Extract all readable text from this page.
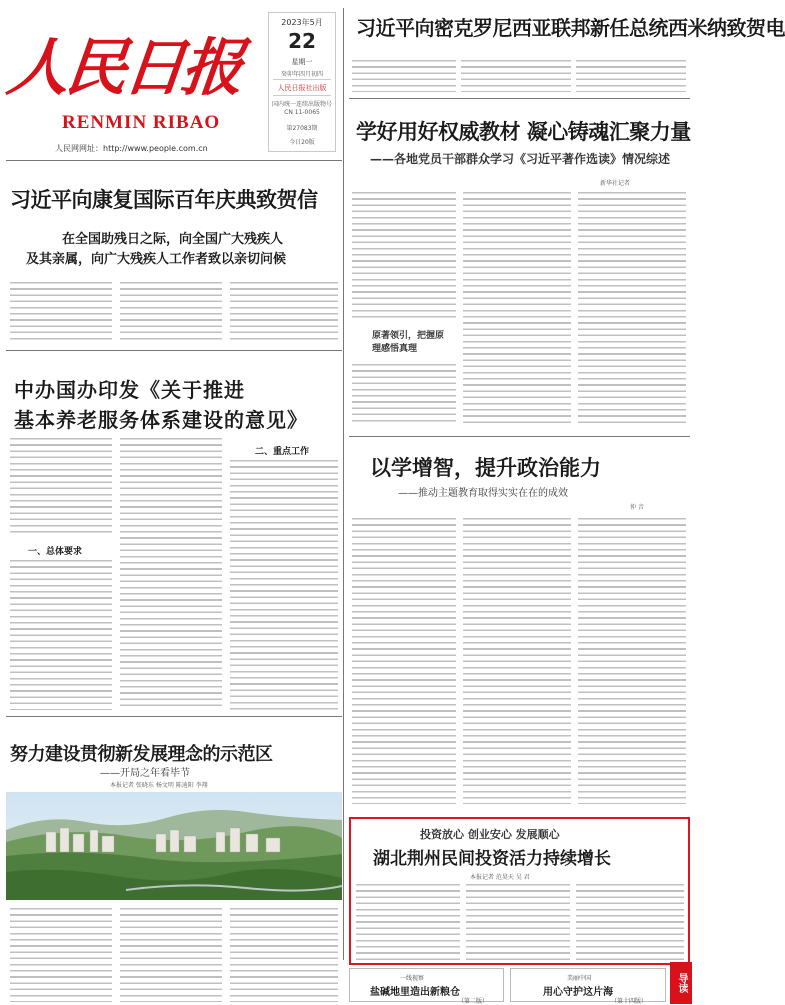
人民日报
RENMIN RIBAO
人民网网址：http://www.people.com.cn
2023年5月
22
星期一
癸卯年四月初四
人民日报社出版
国内统一连续出版物号
CN 11-0065
第27083期
今日20版
习近平向密克罗尼西亚联邦新任总统西米纳致贺电
学好用好权威教材 凝心铸魂汇聚力量
——各地党员干部群众学习《习近平著作选读》情况综述
新华社记者
原著领引，把握原理感悟真理
习近平向康复国际百年庆典致贺信
在全国助残日之际，向全国广大残疾人
及其亲属，向广大残疾人工作者致以亲切问候
中办国办印发《关于推进
基本养老服务体系建设的意见》
一、总体要求
二、重点工作
以学增智，提升政治能力
——推动主题教育取得实实在在的成效
仲 音
努力建设贯彻新发展理念的示范区
——开局之年看毕节
本报记者 张晓东 杨文明 陈迪阳 李翔
投资放心 创业安心 发展顺心
湖北荆州民间投资活力持续增长
本报记者 范昊天 吴 君
一线视察
盐碱地里造出新粮仓
（第二版）
美丽中国
用心守护这片海
（第十四版）
导读
